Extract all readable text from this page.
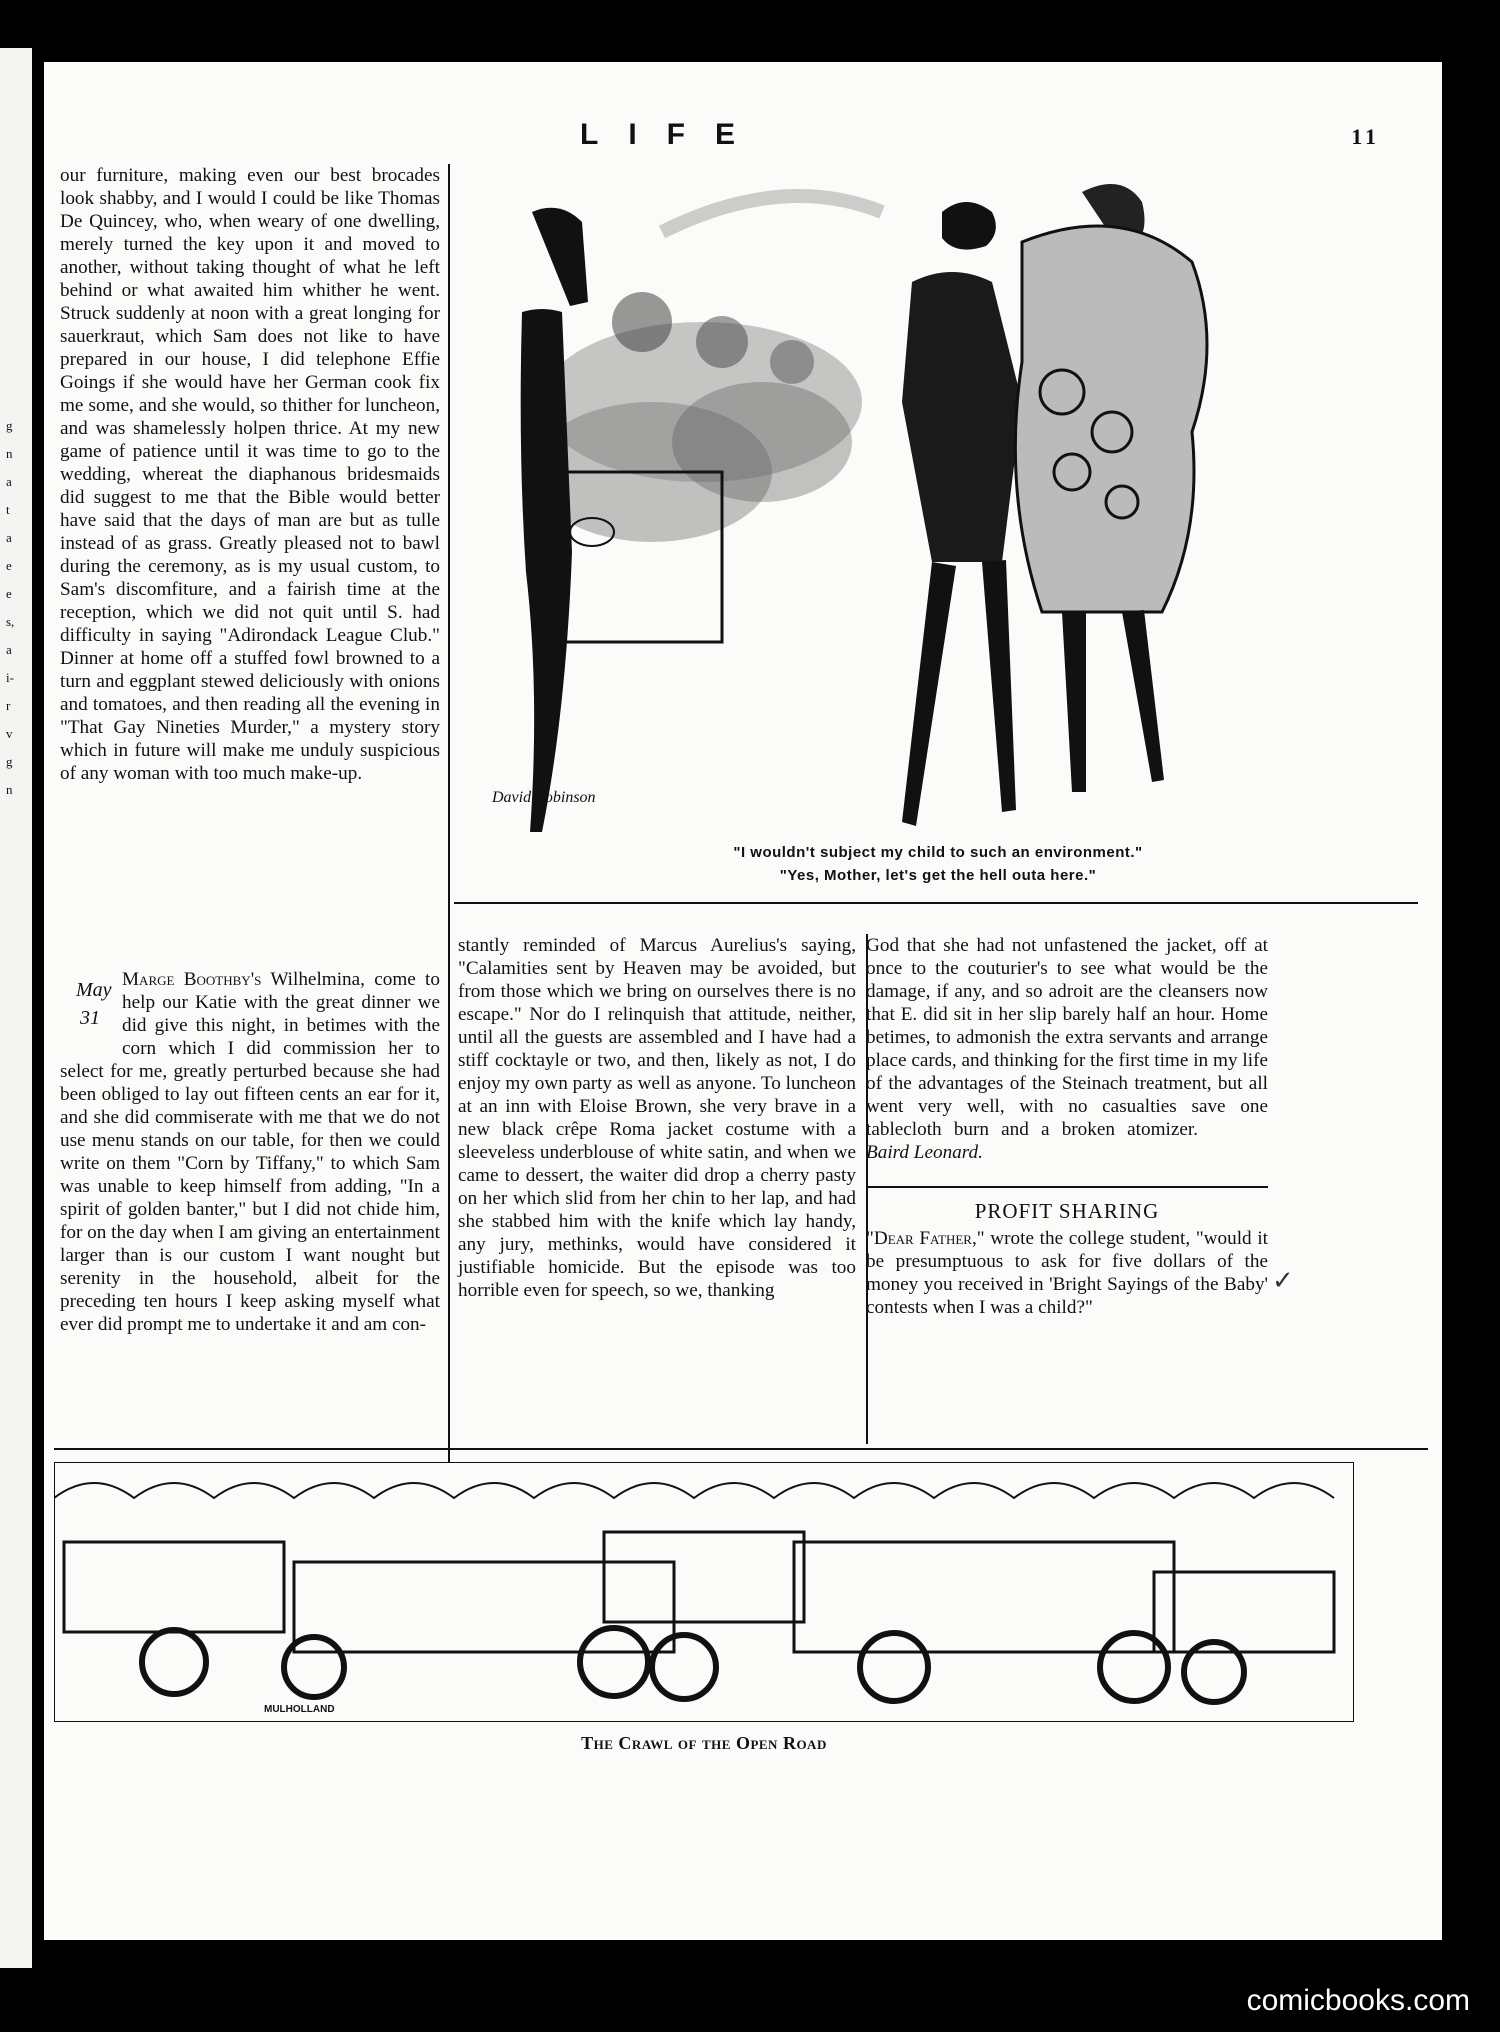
g
n
a
t
a
e
e
s,
a
i-
r
v
g
n
LIFE	11

our furniture, making even our best brocades look shabby, and I would I could be like Thomas De Quincey, who, when weary of one dwelling, merely turned the key upon it and moved to another, without taking thought of what he left behind or what awaited him whither he went. Struck suddenly at noon with a great longing for sauerkraut, which Sam does not like to have prepared in our house, I did telephone Effie Goings if she would have her German cook fix me some, and she would, so thither for luncheon, and was shamelessly holpen thrice. At my new game of patience until it was time to go to the wedding, whereat the diaphanous bridesmaids did suggest to me that the Bible would better have said that the days of man are but as tulle instead of as grass. Greatly pleased not to bawl during the ceremony, as is my usual custom, to Sam's discomfiture, and a fairish time at the reception, which we did not quit until S. had difficulty in saying "Adirondack League Club." Dinner at home off a stuffed fowl browned to a turn and eggplant stewed deliciously with onions and tomatoes, and then reading all the evening in "That Gay Nineties Murder," a mystery story which in future will make me unduly suspicious of any woman with too much make-up.

May
31

Marge Boothby's Wilhelmina, come to help our Katie with the great dinner we did give this night, in betimes with the corn which I did commission her to select for me, greatly perturbed because she had been obliged to lay out fifteen cents an ear for it, and she did commiserate with me that we do not use menu stands on our table, for then we could write on them "Corn by Tiffany," to which Sam was unable to keep himself from adding, "In a spirit of golden banter," but I did not chide him, for on the day when I am giving an entertainment larger than is our custom I want nought but serenity in the household, albeit for the preceding ten hours I keep asking myself what ever did prompt me to undertake it and am con-

David Robinson
"I wouldn't subject my child to such an environment."
"Yes, Mother, let's get the hell outa here."

stantly reminded of Marcus Aurelius's saying, "Calamities sent by Heaven may be avoided, but from those which we bring on ourselves there is no escape." Nor do I relinquish that attitude, neither, until all the guests are assembled and I have had a stiff cocktayle or two, and then, likely as not, I do enjoy my own party as well as anyone. To luncheon at an inn with Eloise Brown, she very brave in a new black crêpe Roma jacket costume with a sleeveless underblouse of white satin, and when we came to dessert, the waiter did drop a cherry pasty on her which slid from her chin to her lap, and had she stabbed him with the knife which lay handy, any jury, methinks, would have considered it justifiable homicide. But the episode was too horrible even for speech, so we, thanking

God that she had not unfastened the jacket, off at once to the couturier's to see what would be the damage, if any, and so adroit are the cleansers now that E. did sit in her slip barely half an hour. Home betimes, to admonish the extra servants and arrange place cards, and thinking for the first time in my life of the advantages of the Steinach treatment, but all went very well, with no casualties save one tablecloth burn and a broken atomizer.Baird Leonard.

PROFIT SHARING

"Dear Father," wrote the college student, "would it be presumptuous to ask for five dollars of the money you received in 'Bright Sayings of the Baby' contests when I was a child?"

MULHOLLAND
The Crawl of the Open Road
✓
comicbooks.com
